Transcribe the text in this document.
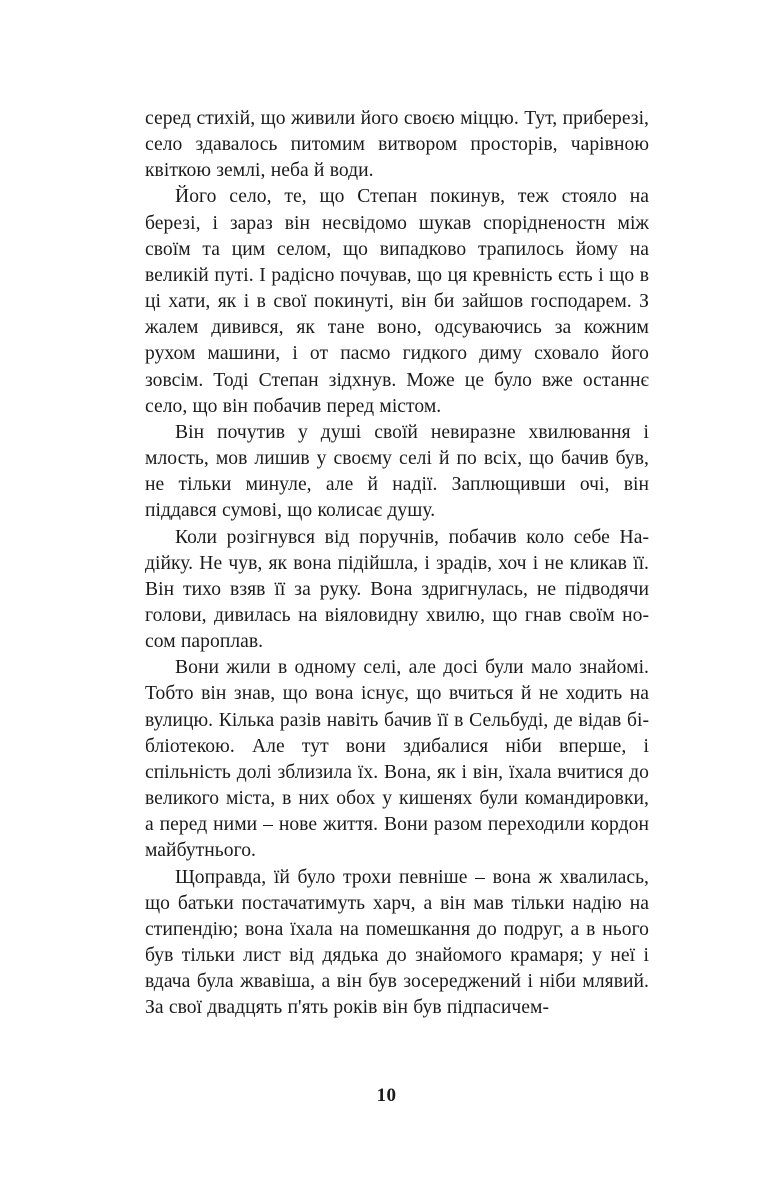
серед стихій, що живили його своєю міццю. Тут, приберезі, село здавалось питомим витвором просторів, чарівною квіткою землі, неба й води.

Його село, те, що Степан покинув, теж стояло на березі, і зараз він несвідомо шукав спорідненостн між своїм та цим селом, що випадково трапилось йому на великій путі. І радісно почував, що ця кревність єсть і що в ці хати, як і в свої покинуті, він би зайшов господарем. З жалем дивився, як тане воно, одсуваючись за кожним рухом машини, і от пасмо гидкого диму сховало його зовсім. Тоді Степан зідхнув. Може це було вже останнє село, що він побачив перед містом.

Він почутив у душі своїй невиразне хвилювання і млость, мов лишив у своєму селі й по всіх, що бачив був, не тільки минуле, але й надії. Заплющивши очі, він піддався сумові, що колисає душу.

Коли розігнувся від поручнів, побачив коло себе Надійку. Не чув, як вона підійшла, і зрадів, хоч і не кликав її. Він тихо взяв її за руку. Вона здригнулась, не підводячи голови, дивилась на віяловидну хвилю, що гнав своїм носом пароплав.

Вони жили в одному селі, але досі були мало знайомі. Тобто він знав, що вона існує, що вчиться й не ходить на вулицю. Кілька разів навіть бачив її в Сельбуді, де відав бібліотекою. Але тут вони здибалися ніби вперше, і спільність долі зблизила їх. Вона, як і він, їхала вчитися до великого міста, в них обох у кишенях були командировки, а перед ними – нове життя. Вони разом переходили кордон майбутнього.

Щоправда, їй було трохи певніше – вона ж хвалилась, що батьки постачатимуть харч, а він мав тільки надію на стипендію; вона їхала на помешкання до подруг, а в нього був тільки лист від дядька до знайомого крамаря; у неї і вдача була жвавіша, а він був зосереджений і ніби млявий. За свої двадцять п'ять років він був підпасичем-

10
